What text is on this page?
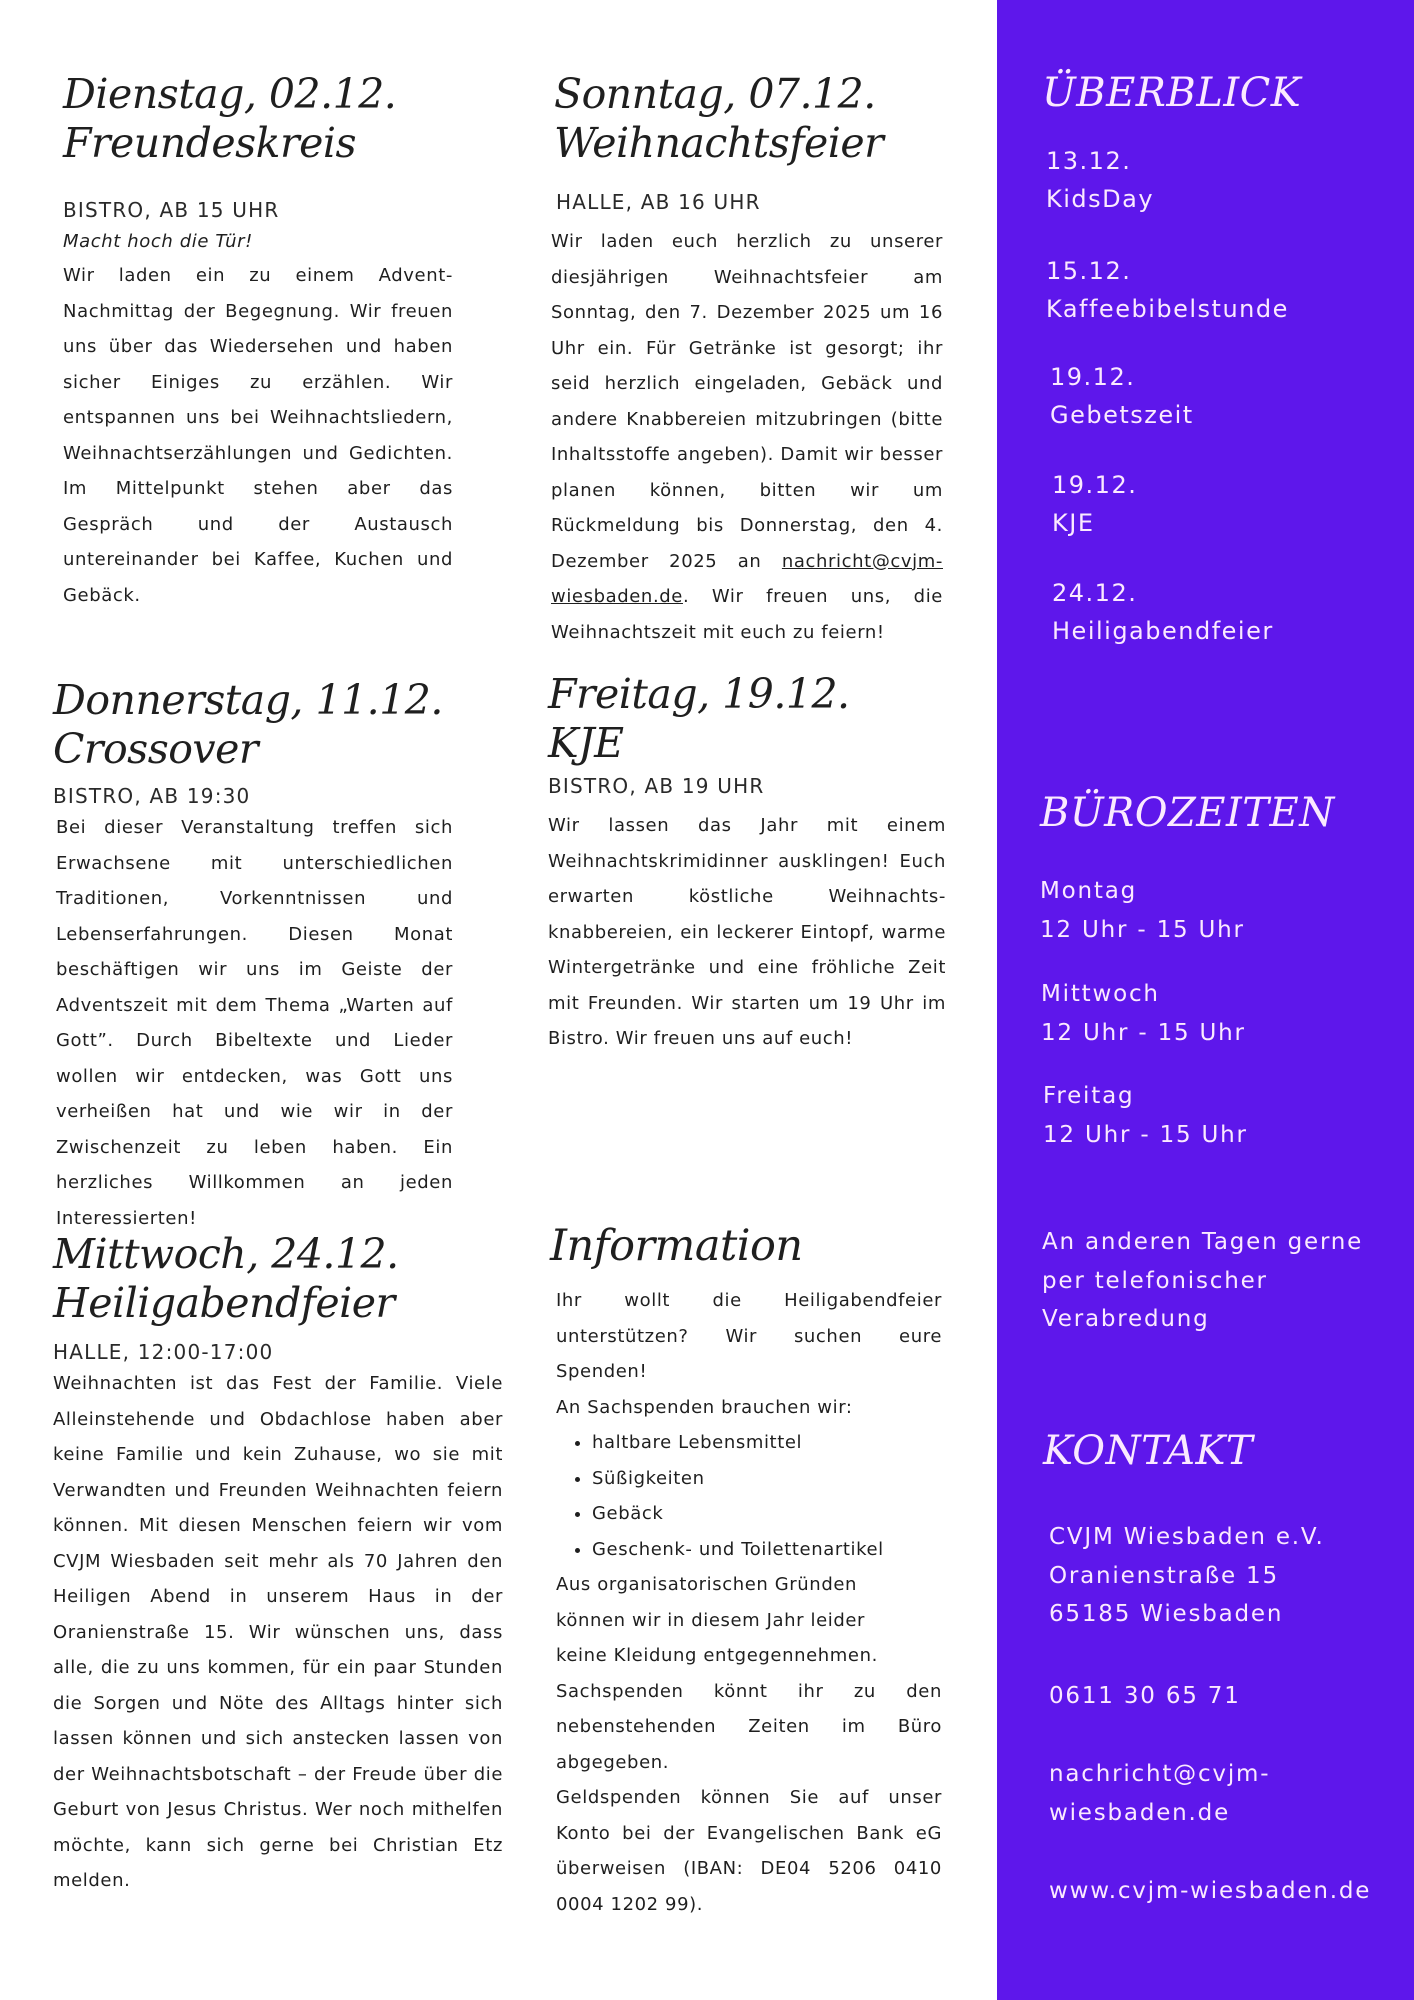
Dienstag, 02.12.
Freundeskreis

BISTRO, AB 15 UHR

Macht hoch die Tür!

Wir laden ein zu einem Advent-Nachmittag der Begegnung. Wir freuen uns über das Wiedersehen und haben sicher Einiges zu erzählen. Wir entspannen uns bei Weihnachtsliedern, Weihnachtserzählungen und Gedichten. Im Mittelpunkt stehen aber das Gespräch und der Austausch untereinander bei Kaffee, Kuchen und Gebäck.

Sonntag, 07.12.
Weihnachtsfeier

HALLE, AB 16 UHR

Wir laden euch herzlich zu unserer diesjährigen Weihnachtsfeier am Sonntag, den 7. Dezember 2025 um 16 Uhr ein. Für Getränke ist gesorgt; ihr seid herzlich eingeladen, Gebäck und andere Knabbereien mitzubringen (bitte Inhaltsstoffe angeben). Damit wir besser planen können, bitten wir um Rückmeldung bis Donnerstag, den 4. Dezember 2025 an nachricht@cvjm-wiesbaden.de. Wir freuen uns, die Weihnachtszeit mit euch zu feiern!

Donnerstag, 11.12.
Crossover

BISTRO, AB 19:30

Bei dieser Veranstaltung treffen sich Erwachsene mit unterschiedlichen Traditionen, Vorkenntnissen und Lebenserfahrungen. Diesen Monat beschäftigen wir uns im Geiste der Adventszeit mit dem Thema „Warten auf Gott”. Durch Bibeltexte und Lieder wollen wir entdecken, was Gott uns verheißen hat und wie wir in der Zwischenzeit zu leben haben. Ein herzliches Willkommen an jeden Interessierten!

Freitag, 19.12.
KJE

BISTRO, AB 19 UHR

Wir lassen das Jahr mit einem Weihnachtskrimidinner ausklingen! Euch erwarten köstliche Weihnachts-knabbereien, ein leckerer Eintopf, warme Wintergetränke und eine fröhliche Zeit mit Freunden. Wir starten um 19 Uhr im Bistro. Wir freuen uns auf euch!

Mittwoch, 24.12.
Heiligabendfeier

HALLE, 12:00-17:00

Weihnachten ist das Fest der Familie. Viele Alleinstehende und Obdachlose haben aber keine Familie und kein Zuhause, wo sie mit Verwandten und Freunden Weihnachten feiern können. Mit diesen Menschen feiern wir vom CVJM Wiesbaden seit mehr als 70 Jahren den Heiligen Abend in unserem Haus in der Oranienstraße 15. Wir wünschen uns, dass alle, die zu uns kommen, für ein paar Stunden die Sorgen und Nöte des Alltags hinter sich lassen können und sich anstecken lassen von der Weihnachtsbotschaft – der Freude über die Geburt von Jesus Christus. Wer noch mithelfen möchte, kann sich gerne bei Christian Etz melden.

Information

Ihr wollt die Heiligabendfeier unterstützen? Wir suchen eure Spenden!

An Sachspenden brauchen wir:

• haltbare Lebensmittel
• Süßigkeiten
• Gebäck
• Geschenk- und Toilettenartikel

Aus organisatorischen Gründen
können wir in diesem Jahr leider
keine Kleidung entgegennehmen.

Sachspenden könnt ihr zu den nebenstehenden Zeiten im Büro abgegeben.

Geldspenden können Sie auf unser Konto bei der Evangelischen Bank eG überweisen (IBAN: DE04 5206 0410 0004 1202 99).

ÜBERBLICK

13.12.

KidsDay

15.12.

Kaffeebibelstunde

19.12.

Gebetszeit

19.12.

KJE

24.12.

Heiligabendfeier

BÜROZEITEN

Montag

12 Uhr - 15 Uhr

Mittwoch

12 Uhr - 15 Uhr

Freitag

12 Uhr - 15 Uhr

An anderen Tagen gerne

per telefonischer

Verabredung

KONTAKT

CVJM Wiesbaden e.V.

Oranienstraße 15

65185 Wiesbaden

0611 30 65 71

nachricht@cvjm-

wiesbaden.de

www.cvjm-wiesbaden.de
